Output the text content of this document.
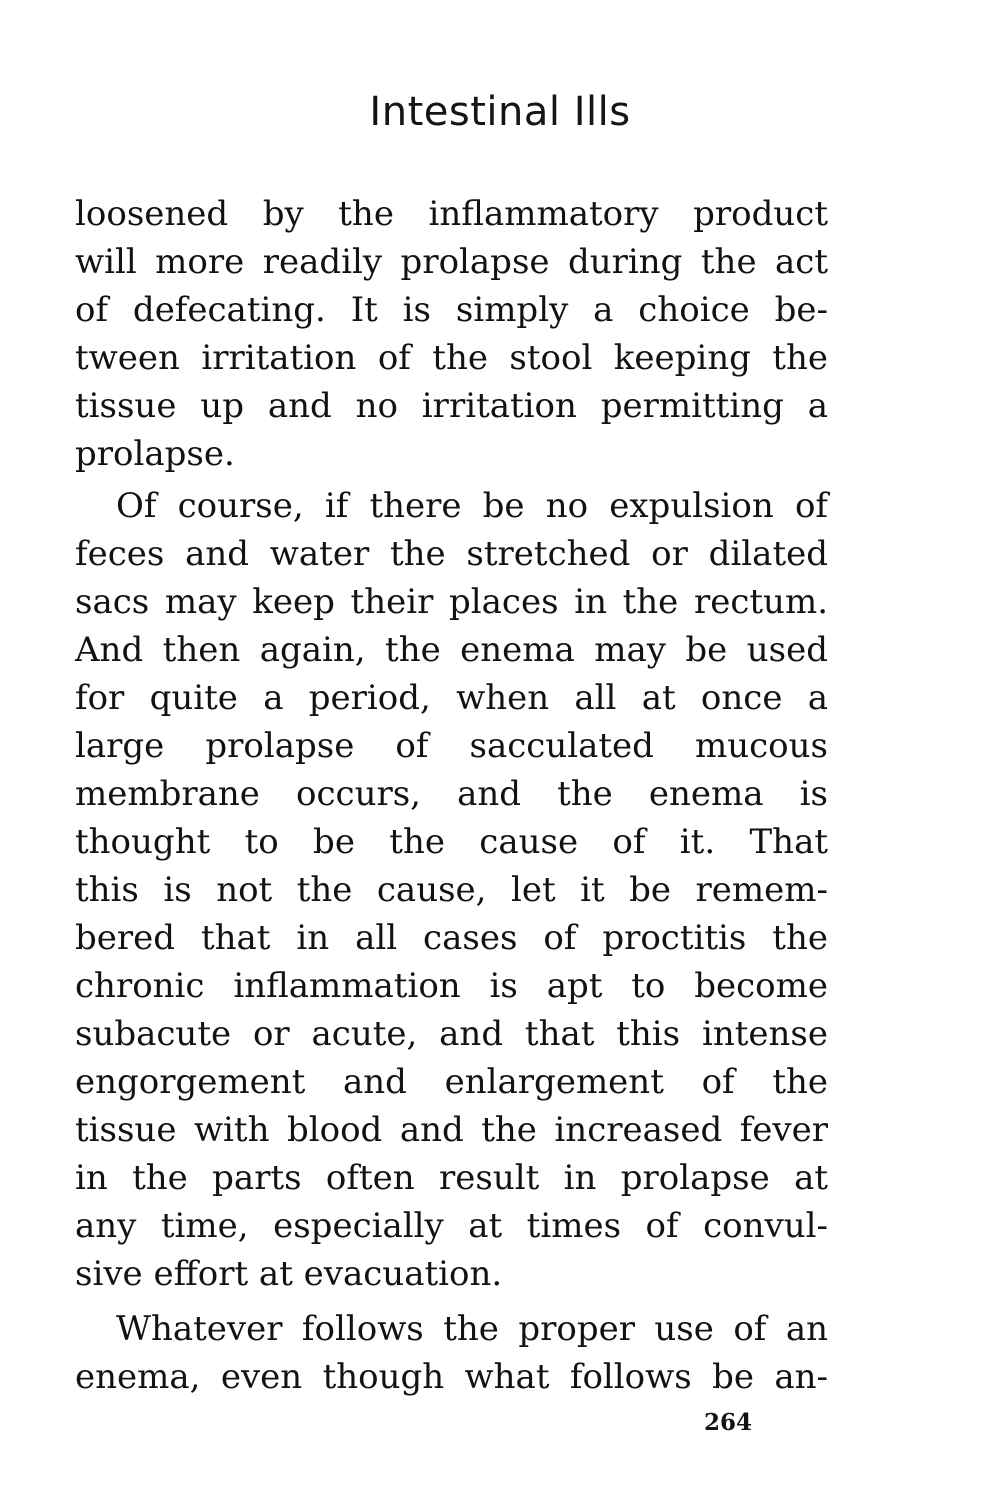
Intestinal Ills
loosened by the inflammatory product
will more readily prolapse during the act
of defecating. It is simply a choice be-
tween irritation of the stool keeping the
tissue up and no irritation permitting a
prolapse.
Of course, if there be no expulsion of
feces and water the stretched or dilated
sacs may keep their places in the rectum.
And then again, the enema may be used
for quite a period, when all at once a
large prolapse of sacculated mucous
membrane occurs, and the enema is
thought to be the cause of it. That
this is not the cause, let it be remem-
bered that in all cases of proctitis the
chronic inflammation is apt to become
subacute or acute, and that this intense
engorgement and enlargement of the
tissue with blood and the increased fever
in the parts often result in prolapse at
any time, especially at times of convul-
sive effort at evacuation.
Whatever follows the proper use of an
enema, even though what follows be an-
264
